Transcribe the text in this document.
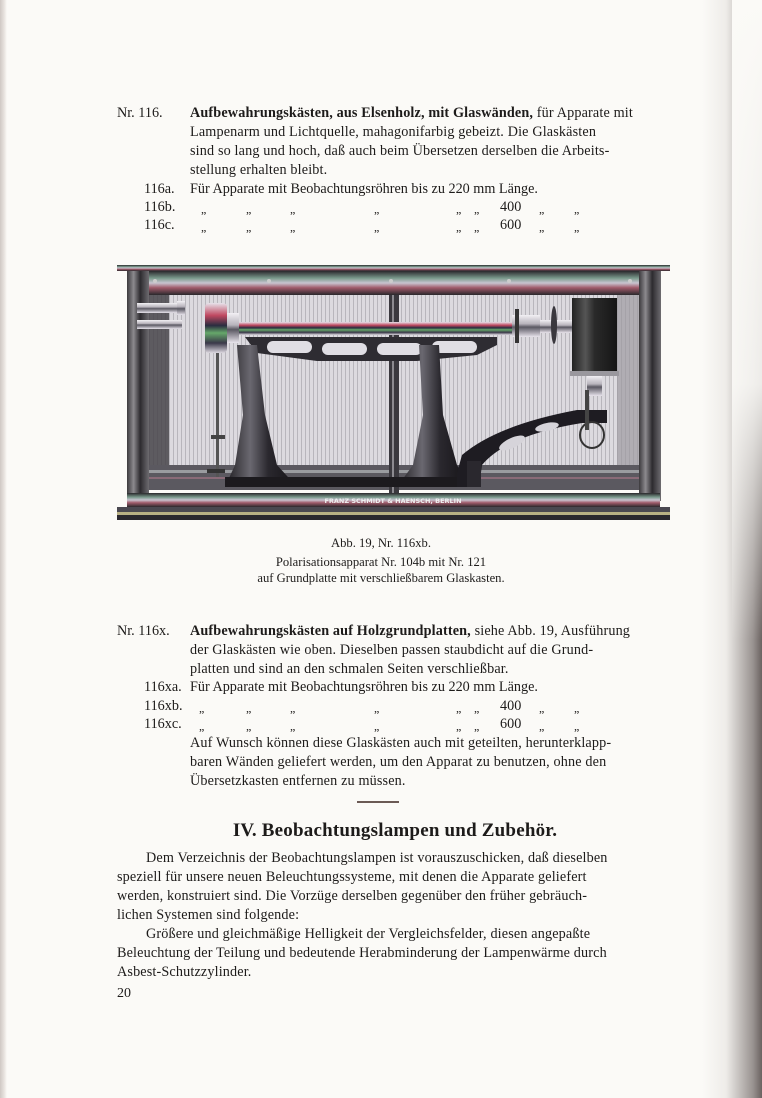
Nr. 116. Aufbewahrungskästen, aus Elsenholz, mit Glaswänden, für Apparate mit
Lampenarm und Lichtquelle, mahagonifarbig gebeizt. Die Glaskästen
sind so lang und hoch, daß auch beim Übersetzen derselben die Arbeits-
stellung erhalten bleibt.
116a. Für Apparate mit Beobachtungsröhren bis zu 220 mm Länge.
116b. „	„	„	„	„ „ 400 „ „
116c. „	„	„	„	„ „ 600 „ „
FRANZ SCHMIDT & HAENSCH, BERLIN
Abb. 19, Nr. 116xb.
Polarisationsapparat Nr. 104b mit Nr. 121
auf Grundplatte mit verschließbarem Glaskasten.
Nr. 116x. Aufbewahrungskästen auf Holzgrundplatten, siehe Abb. 19, Ausführung
der Glaskästen wie oben. Dieselben passen staubdicht auf die Grund-
platten und sind an den schmalen Seiten verschließbar.
116xa. Für Apparate mit Beobachtungsröhren bis zu 220 mm Länge.
116xb. „	„	„	„	„ „ 400 „ „
116xc. „	„	„	„	„ „ 600 „ „
Auf Wunsch können diese Glaskästen auch mit geteilten, herunterklapp-
baren Wänden geliefert werden, um den Apparat zu benutzen, ohne den
Übersetzkasten entfernen zu müssen.
IV. Beobachtungslampen und Zubehör.
Dem Verzeichnis der Beobachtungslampen ist vorauszuschicken, daß dieselben
speziell für unsere neuen Beleuchtungssysteme, mit denen die Apparate geliefert
werden, konstruiert sind. Die Vorzüge derselben gegenüber den früher gebräuch-
lichen Systemen sind folgende:
Größere und gleichmäßige Helligkeit der Vergleichsfelder, diesen angepaßte
Beleuchtung der Teilung und bedeutende Herabminderung der Lampenwärme durch
Asbest-Schutzzylinder.
20
